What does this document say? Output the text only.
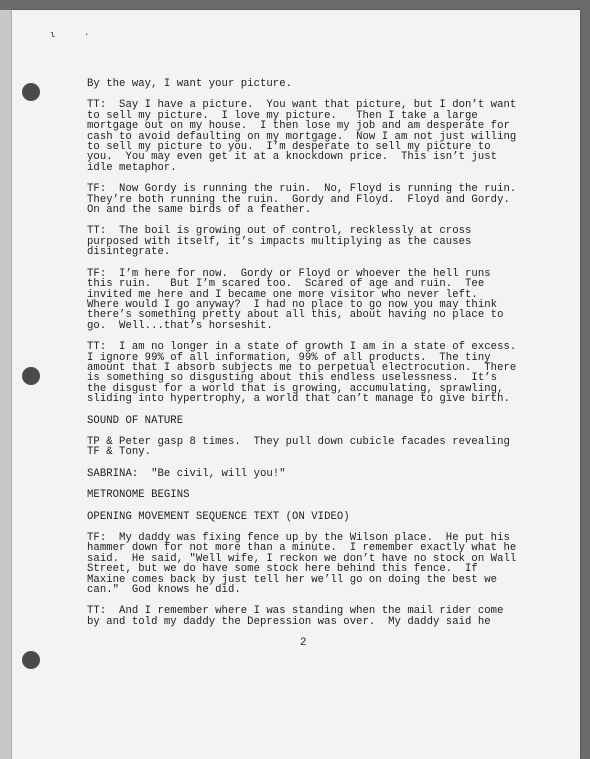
ι	·

By the way, I want your picture.

TT:  Say I have a picture.  You want that picture, but I don’t want
to sell my picture.  I love my picture.   Then I take a large
mortgage out on my house.  I then lose my job and am desperate for
cash to avoid defaulting on my mortgage.  Now I am not just willing
to sell my picture to you.  I’m desperate to sell my picture to
you.  You may even get it at a knockdown price.  This isn’t just
idle metaphor.

TF:  Now Gordy is running the ruin.  No, Floyd is running the ruin.
They’re both running the ruin.  Gordy and Floyd.  Floyd and Gordy.
On and the same birds of a feather.

TT:  The boil is growing out of control, recklessly at cross
purposed with itself, it’s impacts multiplying as the causes
disintegrate.

TF:  I’m here for now.  Gordy or Floyd or whoever the hell runs
this ruin.   But I’m scared too.  Scared of age and ruin.  Tee
invited me here and I became one more visitor who never left.
Where would I go anyway?  I had no place to go now you may think
there’s something pretty about all this, about having no place to
go.  Well...that’s horseshit.

TT:  I am no longer in a state of growth I am in a state of excess.
I ignore 99% of all information, 99% of all products.  The tiny
amount that I absorb subjects me to perpetual electrocution.  There
is something so disgusting about this endless uselessness.  It’s
the disgust for a world that is growing, accumulating, sprawling,
sliding into hypertrophy, a world that can’t manage to give birth.

SOUND OF NATURE

TP & Peter gasp 8 times.  They pull down cubicle facades revealing
TF & Tony.

SABRINA:  "Be civil, will you!"

METRONOME BEGINS

OPENING MOVEMENT SEQUENCE TEXT (ON VIDEO)

TF:  My daddy was fixing fence up by the Wilson place.  He put his
hammer down for not more than a minute.  I remember exactly what he
said.  He said, "Well wife, I reckon we don’t have no stock on Wall
Street, but we do have some stock here behind this fence.  If
Maxine comes back by just tell her we’ll go on doing the best we
can."  God knows he did.

TT:  And I remember where I was standing when the mail rider come
by and told my daddy the Depression was over.  My daddy said he

2
